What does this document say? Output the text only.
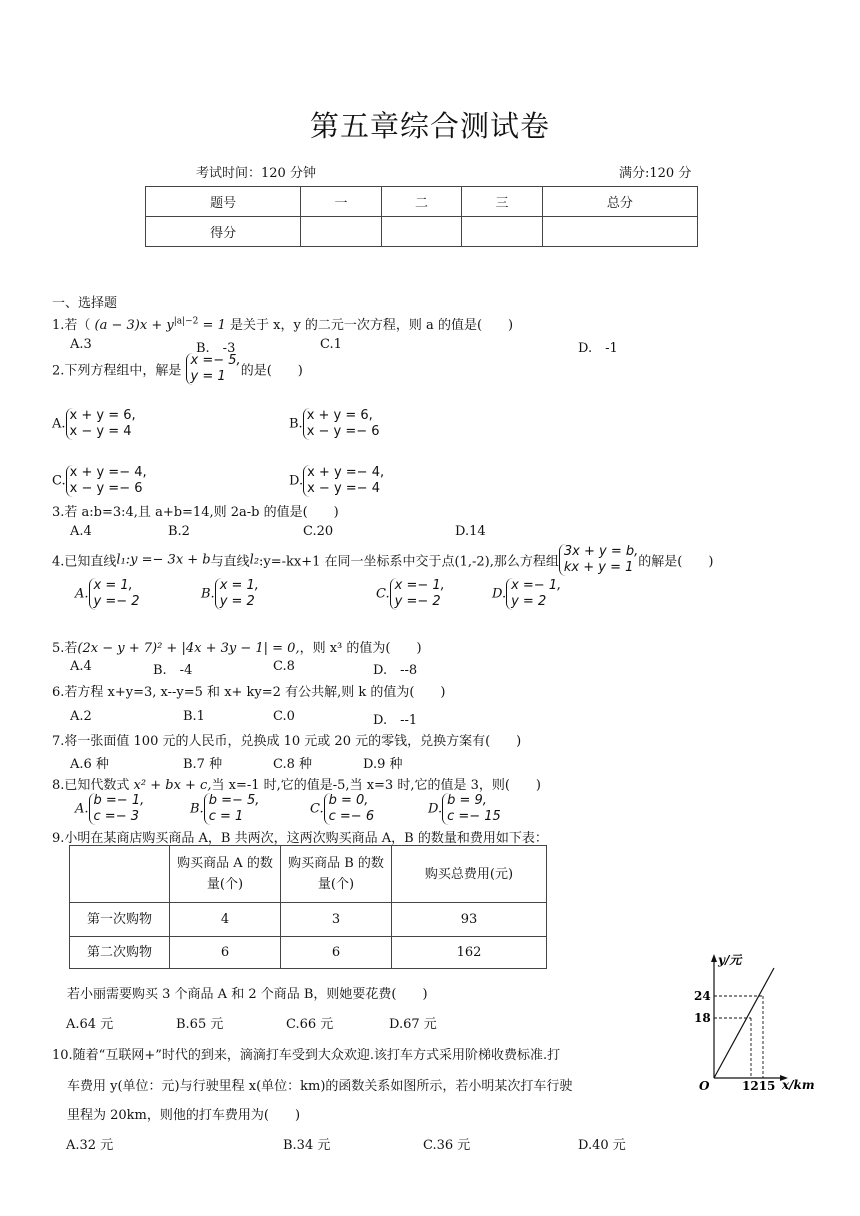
第五章综合测试卷
考试时间：120 分钟	满分:120 分
题号	一	二	三	总分
得分				
一、选择题
1.若（ $(a - 3)x + y^{|a|-2} = 1$ 是关于 x，y 的二元一次方程，则 a 的值是(　　)
A.3	B.　-3	C.1	D.　-1
2.下列方程组中，解是 x =− 5,
y = 1 的是(　　)
A.x + y = 6,
x − y = 4	B.x + y = 6,
x − y =− 6
C.x + y =− 4,
x − y =− 6	D.x + y =− 4,
x − y =− 4
3.若 a:b=3:4,且 a+b=14,则 2a-b 的值是(　　)
A.4	B.2	C.20	D.14
4.已知直线l₁:y =− 3x + b与直线l₂:y=-kx+1 在同一坐标系中交于点(1,-2),那么方程组3x + y = b,
kx + y = 1 的解是(　　)
A.x = 1,
y =− 2	B.x = 1,
y = 2	C.x =− 1,
y =− 2	D.x =− 1,
y = 2
5.若(2x − y + 7)² + |4x + 3y − 1| = 0,，则 x³ 的值为(　　)
A.4	B.　-4	C.8	D.　--8
6.若方程 x+y=3, x--y=5 和 x+ ky=2 有公共解,则 k 的值为(　　)
A.2	B.1	C.0	D.　--1
7.将一张面值 100 元的人民币，兑换成 10 元或 20 元的零钱，兑换方案有(　　)
A.6 种	B.7 种	C.8 种	D.9 种
8.已知代数式 x² + bx + c,当 x=-1 时,它的值是-5,当 x=3 时,它的值是 3，则(　　)
A.b =− 1,
c =− 3	B.b =− 5,
c = 1	C.b = 0,
c =− 6	D.b = 9,
c =− 15
9.小明在某商店购买商品 A，B 共两次，这两次购买商品 A，B 的数量和费用如下表：
	购买商品 A 的数
量(个)	购买商品 B 的数
量(个)	购买总费用(元)
第一次购物	4	3	93
第二次购物	6	6	162
若小丽需要购买 3 个商品 A 和 2 个商品 B，则她要花费(　　)
A.64 元	B.65 元	C.66 元	D.67 元
10.随着“互联网+”时代的到来，滴滴打车受到大众欢迎.该打车方式采用阶梯收费标准.打
车费用 y(单位：元)与行驶里程 x(单位：km)的函数关系如图所示，若小明某次打车行驶
里程为 20km，则他的打车费用为(　　)
A.32 元	B.34 元	C.36 元	D.40 元
y/元
x/km
O
24
18
1215
